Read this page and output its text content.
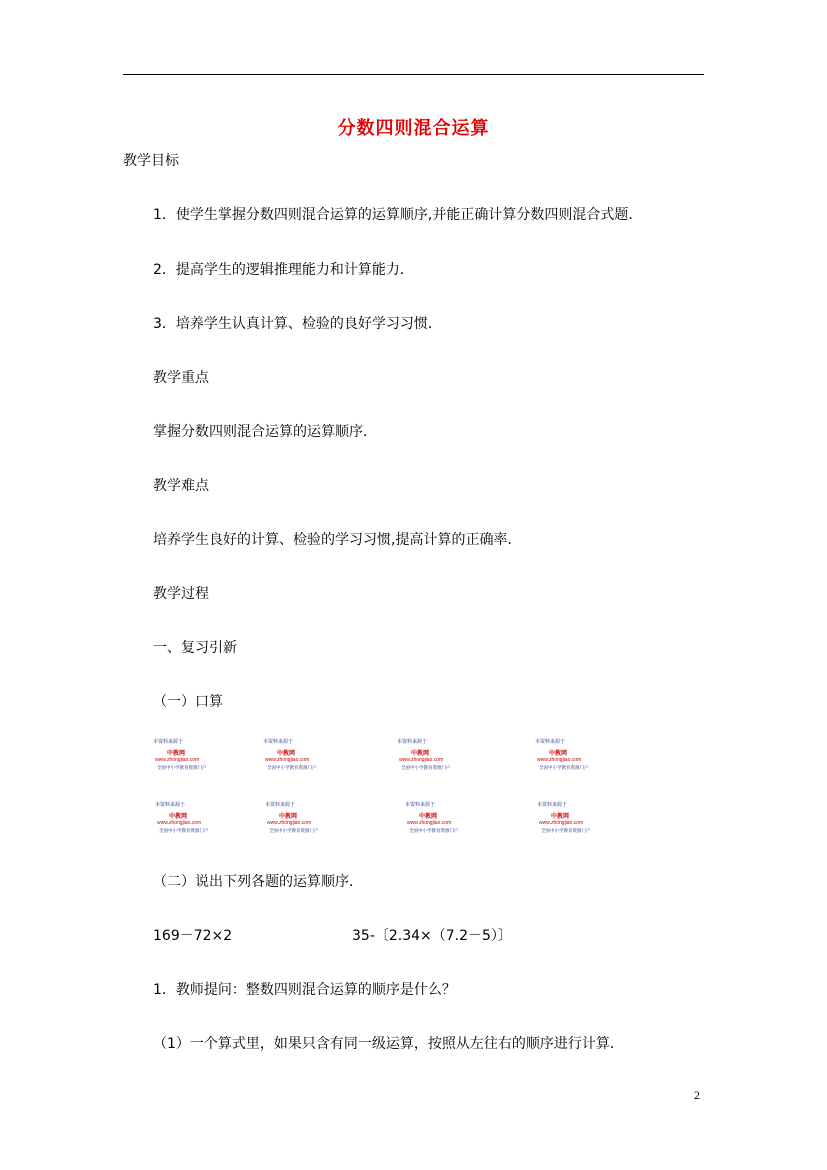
分数四则混合运算
教学目标
1．使学生掌握分数四则混合运算的运算顺序,并能正确计算分数四则混合式题．
2．提高学生的逻辑推理能力和计算能力．
3．培养学生认真计算、检验的良好学习习惯．
教学重点
掌握分数四则混合运算的运算顺序．
教学难点
培养学生良好的计算、检验的学习习惯,提高计算的正确率．
教学过程
一、复习引新
（一）口算
本资料来源于
中教网
www.zhongjiao.com
全国中小学教育资源门户
本资料来源于
中教网
www.zhongjiao.com
全国中小学教育资源门户
本资料来源于
中教网
www.zhongjiao.com
全国中小学教育资源门户
本资料来源于
中教网
www.zhongjiao.com
全国中小学教育资源门户
本资料来源于
中教网
www.zhongjiao.com
全国中小学教育资源门户
本资料来源于
中教网
www.zhongjiao.com
全国中小学教育资源门户
本资料来源于
中教网
www.zhongjiao.com
全国中小学教育资源门户
本资料来源于
中教网
www.zhongjiao.com
全国中小学教育资源门户
（二）说出下列各题的运算顺序．
169－72×2	35-〔2.34×（7.2－5）〕
1．教师提问：整数四则混合运算的顺序是什么？
（1）一个算式里，如果只含有同一级运算，按照从左往右的顺序进行计算．
2
